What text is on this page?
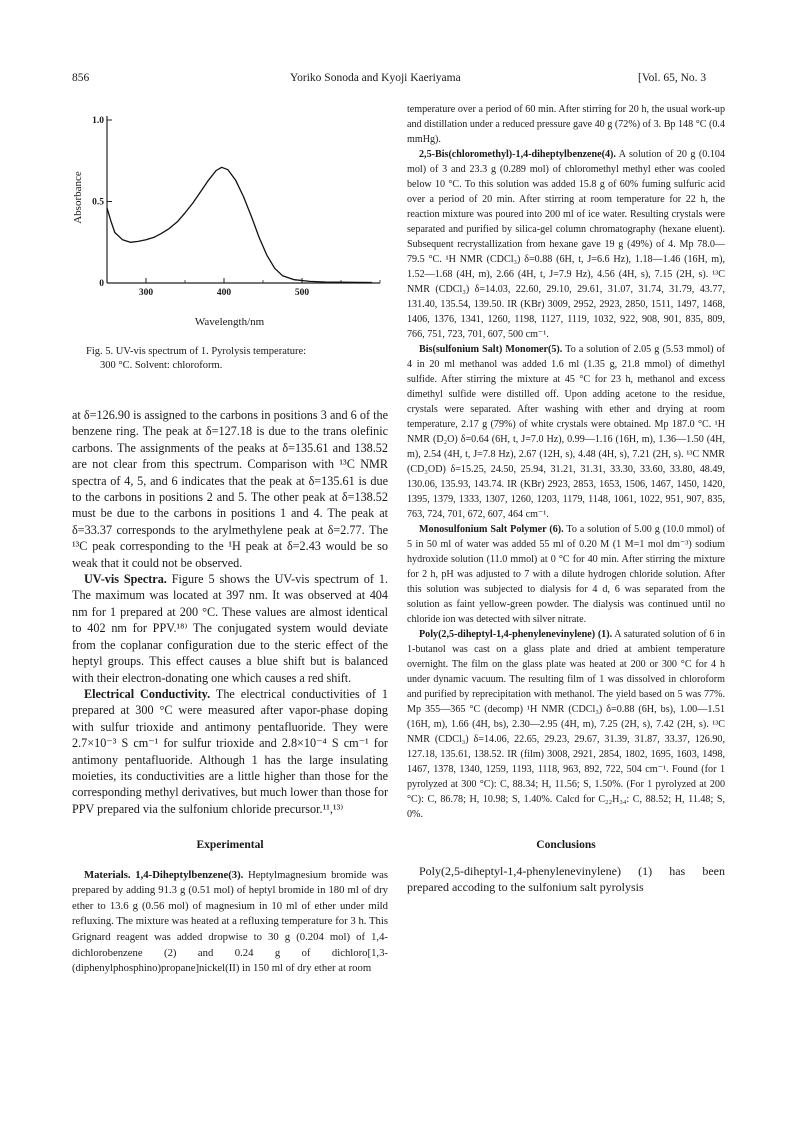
856	Yoriko Sonoda and Kyoji Kaeriyama	[Vol. 65, No. 3
300	400	500
0
0.5
1.0
Wavelength/nm
Absorbance
Fig. 5. UV-vis spectrum of 1. Pyrolysis temperature:
300 °C. Solvent: chloroform.

at δ=126.90 is assigned to the carbons in positions 3 and 6 of the benzene ring. The peak at δ=127.18 is due to the trans olefinic carbons. The assignments of the peaks at δ=135.61 and 138.52 are not clear from this spectrum. Comparison with ¹³C NMR spectra of 4, 5, and 6 indicates that the peak at δ=135.61 is due to the carbons in positions 2 and 5. The other peak at δ=138.52 must be due to the carbons in positions 1 and 4. The peak at δ=33.37 corresponds to the arylmethylene peak at δ=2.77. The ¹³C peak corresponding to the ¹H peak at δ=2.43 would be so weak that it could not be observed.

UV-vis Spectra. Figure 5 shows the UV-vis spectrum of 1. The maximum was located at 397 nm. It was observed at 404 nm for 1 prepared at 200 °C. These values are almost identical to 402 nm for PPV.¹⁸⁾ The conjugated system would deviate from the coplanar configuration due to the steric effect of the heptyl groups. This effect causes a blue shift but is balanced with their electron-donating one which causes a red shift.

Electrical Conductivity. The electrical conductivities of 1 prepared at 300 °C were measured after vapor-phase doping with sulfur trioxide and antimony pentafluoride. They were 2.7×10⁻³ S cm⁻¹ for sulfur trioxide and 2.8×10⁻⁴ S cm⁻¹ for antimony pentafluoride. Although 1 has the large insulating moieties, its conductivities are a little higher than those for the corresponding methyl derivatives, but much lower than those for PPV prepared via the sulfonium chloride precursor.¹¹,¹³⁾

Experimental

Materials. 1,4-Diheptylbenzene(3). Heptylmagnesium bromide was prepared by adding 91.3 g (0.51 mol) of heptyl bromide in 180 ml of dry ether to 13.6 g (0.56 mol) of magnesium in 10 ml of ether under mild refluxing. The mixture was heated at a refluxing temperature for 3 h. This Grignard reagent was added dropwise to 30 g (0.204 mol) of 1,4-dichlorobenzene (2) and 0.24 g of dichloro[1,3-(diphenylphosphino)propane]nickel(II) in 150 ml of dry ether at room

temperature over a period of 60 min. After stirring for 20 h, the usual work-up and distillation under a reduced pressure gave 40 g (72%) of 3. Bp 148 °C (0.4 mmHg).

2,5-Bis(chloromethyl)-1,4-diheptylbenzene(4). A solution of 20 g (0.104 mol) of 3 and 23.3 g (0.289 mol) of chloromethyl methyl ether was cooled below 10 °C. To this solution was added 15.8 g of 60% fuming sulfuric acid over a period of 20 min. After stirring at room temperature for 22 h, the reaction mixture was poured into 200 ml of ice water. Resulting crystals were separated and purified by silica-gel column chromatography (hexane eluent). Subsequent recrystallization from hexane gave 19 g (49%) of 4. Mp 78.0—79.5 °C. ¹H NMR (CDCl₃) δ=0.88 (6H, t, J=6.6 Hz), 1.18—1.46 (16H, m), 1.52—1.68 (4H, m), 2.66 (4H, t, J=7.9 Hz), 4.56 (4H, s), 7.15 (2H, s). ¹³C NMR (CDCl₃) δ=14.03, 22.60, 29.10, 29.61, 31.07, 31.74, 31.79, 43.77, 131.40, 135.54, 139.50. IR (KBr) 3009, 2952, 2923, 2850, 1511, 1497, 1468, 1406, 1376, 1341, 1260, 1198, 1127, 1119, 1032, 922, 908, 901, 835, 809, 766, 751, 723, 701, 607, 500 cm⁻¹.

Bis(sulfonium Salt) Monomer(5). To a solution of 2.05 g (5.53 mmol) of 4 in 20 ml methanol was added 1.6 ml (1.35 g, 21.8 mmol) of dimethyl sulfide. After stirring the mixture at 45 °C for 23 h, methanol and excess dimethyl sulfide were distilled off. Upon adding acetone to the residue, crystals were separated. After washing with ether and drying at room temperature, 2.17 g (79%) of white crystals were obtained. Mp 187.0 °C. ¹H NMR (D₂O) δ=0.64 (6H, t, J=7.0 Hz), 0.99—1.16 (16H, m), 1.36—1.50 (4H, m), 2.54 (4H, t, J=7.8 Hz), 2.67 (12H, s), 4.48 (4H, s), 7.21 (2H, s). ¹³C NMR (CD₃OD) δ=15.25, 24.50, 25.94, 31.21, 31.31, 33.30, 33.60, 33.80, 48.49, 130.06, 135.93, 143.74. IR (KBr) 2923, 2853, 1653, 1506, 1467, 1450, 1420, 1395, 1379, 1333, 1307, 1260, 1203, 1179, 1148, 1061, 1022, 951, 907, 835, 763, 724, 701, 672, 607, 464 cm⁻¹.

Monosulfonium Salt Polymer (6). To a solution of 5.00 g (10.0 mmol) of 5 in 50 ml of water was added 55 ml of 0.20 M (1 M=1 mol dm⁻³) sodium hydroxide solution (11.0 mmol) at 0 °C for 40 min. After stirring the mixture for 2 h, pH was adjusted to 7 with a dilute hydrogen chloride solution. After this solution was subjected to dialysis for 4 d, 6 was separated from the solution as faint yellow-green powder. The dialysis was continued until no chloride ion was detected with silver nitrate.

Poly(2,5-diheptyl-1,4-phenylenevinylene) (1). A saturated solution of 6 in 1-butanol was cast on a glass plate and dried at ambient temperature overnight. The film on the glass plate was heated at 200 or 300 °C for 4 h under dynamic vacuum. The resulting film of 1 was dissolved in chloroform and purified by reprecipitation with methanol. The yield based on 5 was 77%. Mp 355—365 °C (decomp) ¹H NMR (CDCl₃) δ=0.88 (6H, bs), 1.00—1.51 (16H, m), 1.66 (4H, bs), 2.30—2.95 (4H, m), 7.25 (2H, s), 7.42 (2H, s). ¹³C NMR (CDCl₃) δ=14.06, 22.65, 29.23, 29.67, 31.39, 31.87, 33.37, 126.90, 127.18, 135.61, 138.52. IR (film) 3008, 2921, 2854, 1802, 1695, 1603, 1498, 1467, 1378, 1340, 1259, 1193, 1118, 963, 892, 722, 504 cm⁻¹. Found (for 1 pyrolyzed at 300 °C): C, 88.34; H, 11.56; S, 1.50%. (For 1 pyrolyzed at 200 °C): C, 86.78; H, 10.98; S, 1.40%. Calcd for C₂₂H₃₄: C, 88.52; H, 11.48; S, 0%.

Conclusions

Poly(2,5-diheptyl-1,4-phenylenevinylene) (1) has been prepared accoding to the sulfonium salt pyrolysis
